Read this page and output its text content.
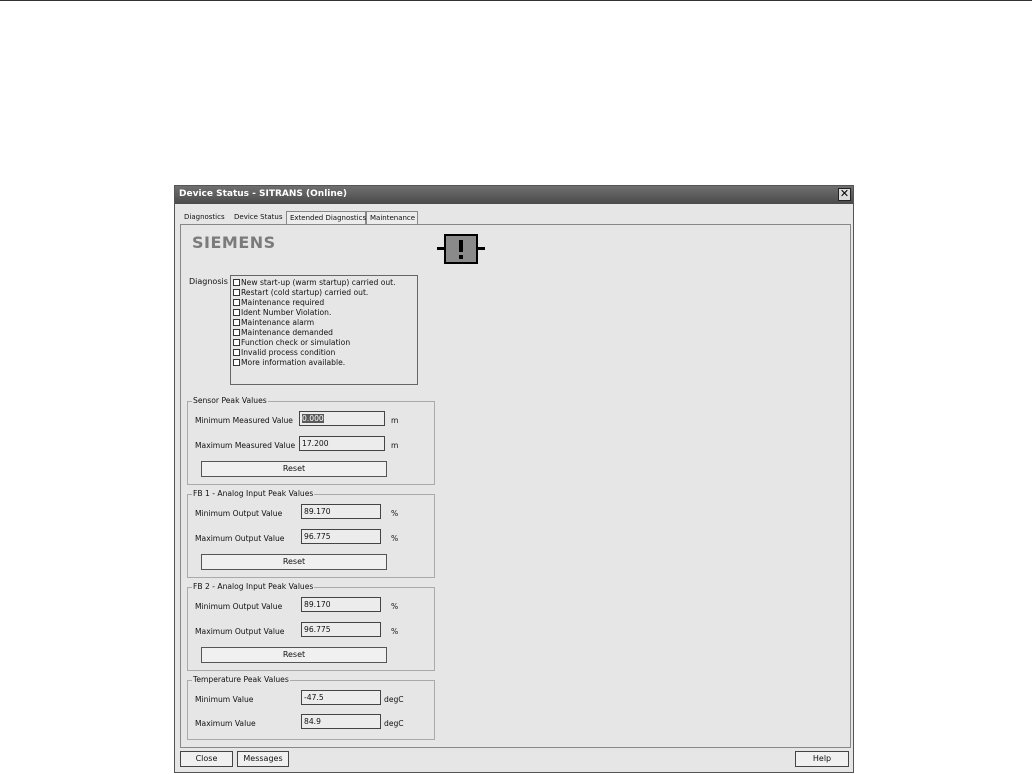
Device Status - SITRANS (Online)	✕
Diagnostics	Device Status	Extended Diagnostics Maintenance
SIEMENS
Diagnosis New start-up (warm startup) carried out.
Restart (cold startup) carried out.
Maintenance required
Ident Number Violation.
Maintenance alarm
Maintenance demanded
Function check or simulation
Invalid process condition
More information available.
Sensor Peak Values
Minimum Measured Value	0.000	m
Maximum Measured Value 17.200	m
Reset
FB 1 - Analog Input Peak Values
Minimum Output Value	89.170	%
Maximum Output Value	96.775	%
Reset
FB 2 - Analog Input Peak Values
Minimum Output Value	89.170	%
Maximum Output Value	96.775	%
Reset
Temperature Peak Values
Minimum Value	-47.5	degC
Maximum Value	84.9	degC
Close	Messages	Help
